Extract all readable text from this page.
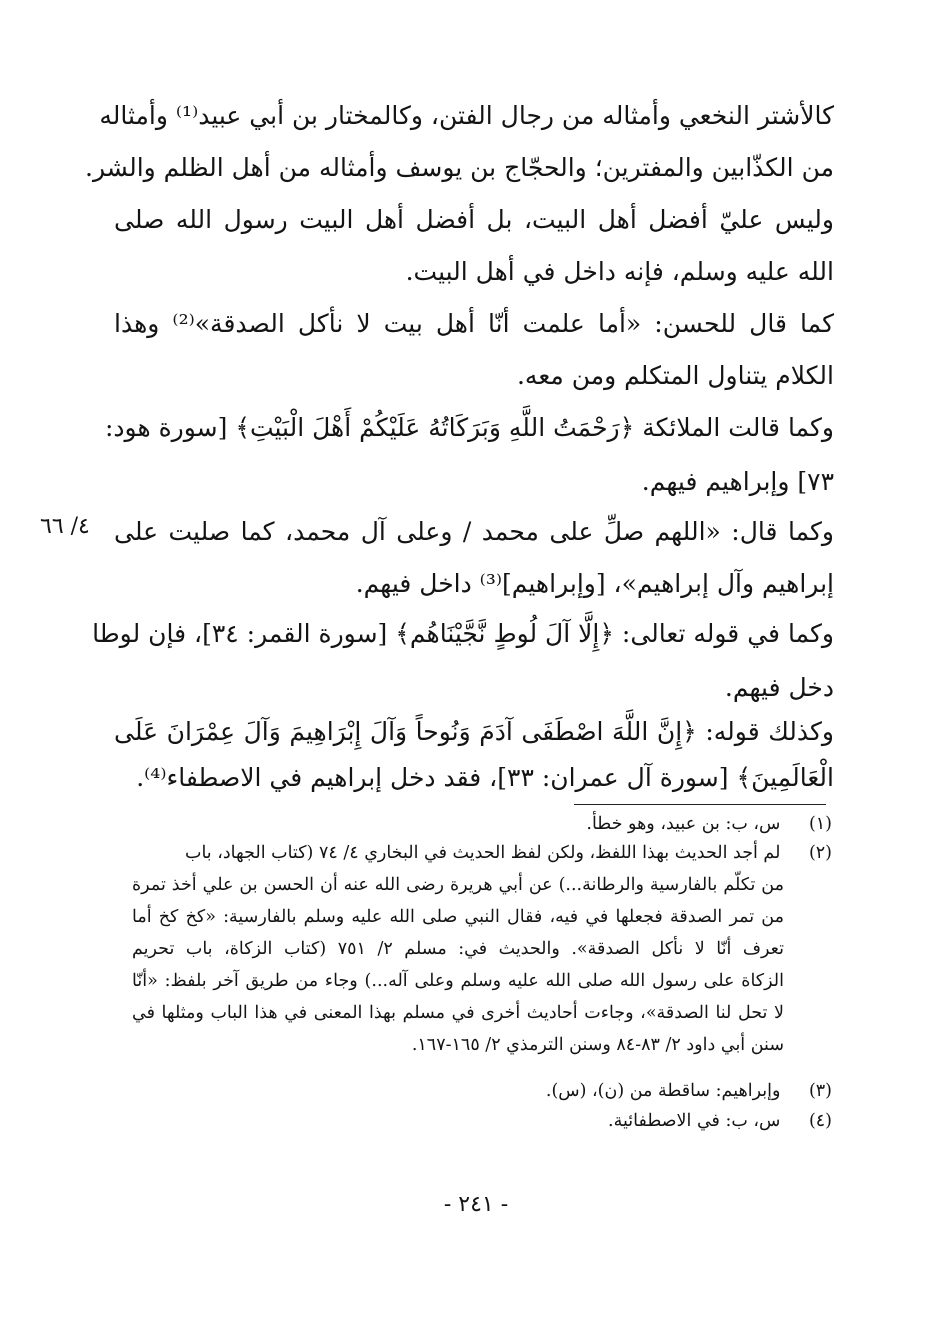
كالأشتر النخعي وأمثاله من رجال الفتن، وكالمختار بن أبي عبيد⁽¹⁾ وأمثاله
من الكذّابين والمفترين؛ والحجّاج بن يوسف وأمثاله من أهل الظلم والشر.
وليس عليّ أفضل أهل البيت، بل أفضل أهل البيت رسول الله صلى
الله عليه وسلم، فإنه داخل في أهل البيت.
كما قال للحسن: «أما علمت أنّا أهل بيت لا نأكل الصدقة»⁽²⁾ وهذا
الكلام يتناول المتكلم ومن معه.
وكما قالت الملائكة ﴿رَحْمَتُ اللَّهِ وَبَرَكَاتُهُ عَلَيْكُمْ أَهْلَ الْبَيْتِ﴾ [سورة هود:
٧٣] وإبراهيم فيهم.
وكما قال: «اللهم صلِّ على محمد / وعلى آل محمد، كما صليت على
إبراهيم وآل إبراهيم»، [وإبراهيم]⁽³⁾ داخل فيهم.
وكما في قوله تعالى: ﴿إِلَّا آلَ لُوطٍ نَّجَّيْنَاهُم﴾ [سورة القمر: ٣٤]، فإن لوطا
دخل فيهم.
وكذلك قوله: ﴿إِنَّ اللَّهَ اصْطَفَى آدَمَ وَنُوحاً وَآلَ إِبْرَاهِيمَ وَآلَ عِمْرَانَ عَلَى
الْعَالَمِينَ﴾ [سورة آل عمران: ٣٣]، فقد دخل إبراهيم في الاصطفاء⁽⁴⁾.
٤/ ٦٦
(١) س، ب: بن عبيد، وهو خطأ.
(٢) لم أجد الحديث بهذا اللفظ، ولكن لفظ الحديث في البخاري ٤/ ٧٤ (كتاب الجهاد، باب
من تكلّم بالفارسية والرطانة...) عن أبي هريرة رضى الله عنه أن الحسن بن علي أخذ تمرة
من تمر الصدقة فجعلها في فيه، فقال النبي صلى الله عليه وسلم بالفارسية: «كخ كخ أما
تعرف أنّا لا نأكل الصدقة». والحديث في: مسلم ٢/ ٧٥١ (كتاب الزكاة، باب تحريم
الزكاة على رسول الله صلى الله عليه وسلم وعلى آله...) وجاء من طريق آخر بلفظ: «أنّا
لا تحل لنا الصدقة»، وجاءت أحاديث أخرى في مسلم بهذا المعنى في هذا الباب ومثلها في
سنن أبي داود ٢/ ٨٣-٨٤ وسنن الترمذي ٢/ ١٦٥-١٦٧.
(٣) وإبراهيم: ساقطة من (ن)، (س).
(٤) س، ب: في الاصطفائية.
- ٢٤١ -
